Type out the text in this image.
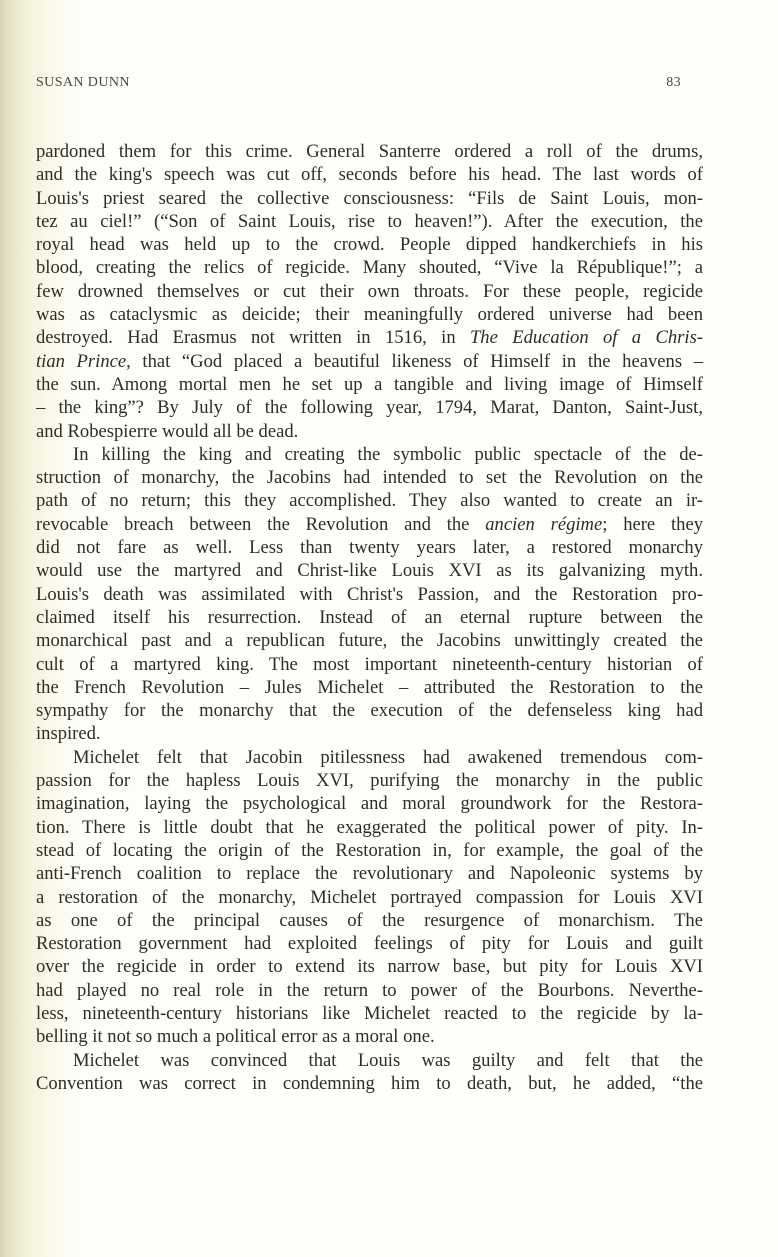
SUSAN DUNN	83
pardoned them for this crime. General Santerre ordered a roll of the drums,
and the king's speech was cut off, seconds before his head. The last words of
Louis's priest seared the collective consciousness: “Fils de Saint Louis, mon-
tez au ciel!” (“Son of Saint Louis, rise to heaven!”). After the execution, the
royal head was held up to the crowd. People dipped handkerchiefs in his
blood, creating the relics of regicide. Many shouted, “Vive la République!”; a
few drowned themselves or cut their own throats. For these people, regicide
was as cataclysmic as deicide; their meaningfully ordered universe had been
destroyed. Had Erasmus not written in 1516, in The Education of a Chris-
tian Prince, that “God placed a beautiful likeness of Himself in the heavens –
the sun. Among mortal men he set up a tangible and living image of Himself
– the king”? By July of the following year, 1794, Marat, Danton, Saint-Just,
and Robespierre would all be dead.
In killing the king and creating the symbolic public spectacle of the de-
struction of monarchy, the Jacobins had intended to set the Revolution on the
path of no return; this they accomplished. They also wanted to create an ir-
revocable breach between the Revolution and the ancien régime; here they
did not fare as well. Less than twenty years later, a restored monarchy
would use the martyred and Christ-like Louis XVI as its galvanizing myth.
Louis's death was assimilated with Christ's Passion, and the Restoration pro-
claimed itself his resurrection. Instead of an eternal rupture between the
monarchical past and a republican future, the Jacobins unwittingly created the
cult of a martyred king. The most important nineteenth-century historian of
the French Revolution – Jules Michelet – attributed the Restoration to the
sympathy for the monarchy that the execution of the defenseless king had
inspired.
Michelet felt that Jacobin pitilessness had awakened tremendous com-
passion for the hapless Louis XVI, purifying the monarchy in the public
imagination, laying the psychological and moral groundwork for the Restora-
tion. There is little doubt that he exaggerated the political power of pity. In-
stead of locating the origin of the Restoration in, for example, the goal of the
anti-French coalition to replace the revolutionary and Napoleonic systems by
a restoration of the monarchy, Michelet portrayed compassion for Louis XVI
as one of the principal causes of the resurgence of monarchism. The
Restoration government had exploited feelings of pity for Louis and guilt
over the regicide in order to extend its narrow base, but pity for Louis XVI
had played no real role in the return to power of the Bourbons. Neverthe-
less, nineteenth-century historians like Michelet reacted to the regicide by la-
belling it not so much a political error as a moral one.
Michelet was convinced that Louis was guilty and felt that the
Convention was correct in condemning him to death, but, he added, “the
